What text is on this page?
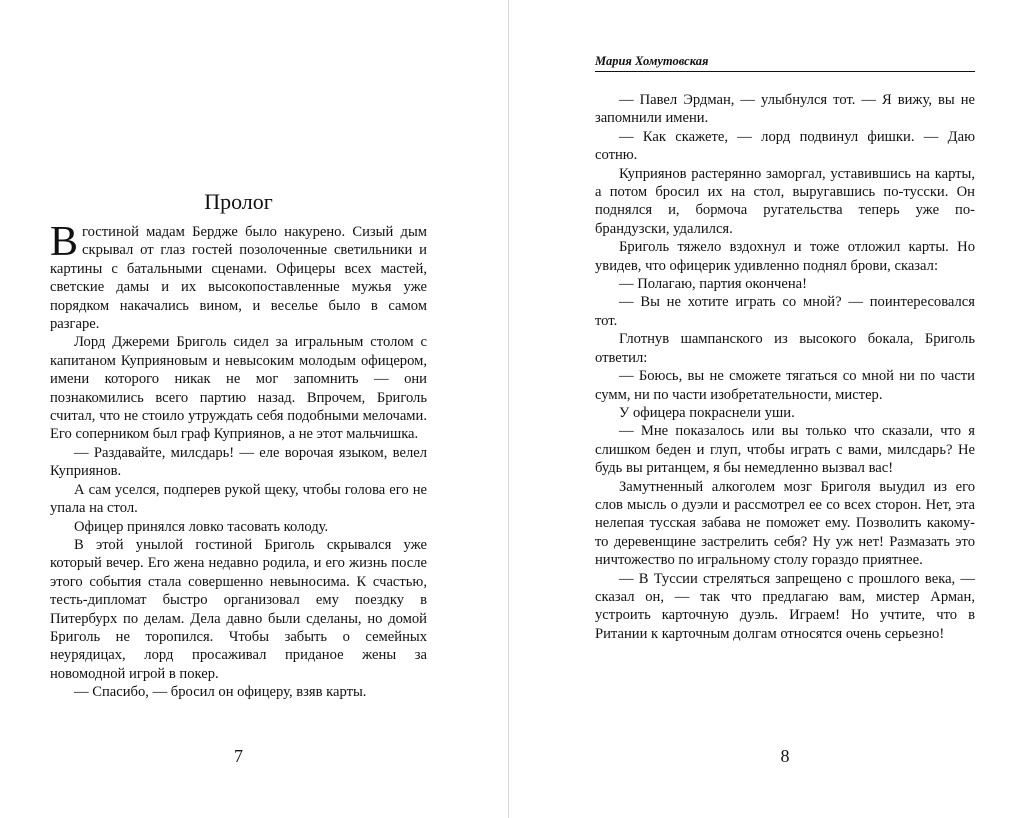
Пролог

В гостиной мадам Бердже было накурено. Сизый дым скрывал от глаз гостей позолоченные светильники и картины с батальными сценами. Офицеры всех мастей, светские дамы и их высокопоставленные мужья уже порядком накачались вином, и веселье было в самом разгаре.

Лорд Джереми Бриголь сидел за игральным столом с капитаном Куприяновым и невысоким молодым офицером, имени которого никак не мог запомнить — они познакомились всего партию назад. Впрочем, Бриголь считал, что не стоило утруждать себя подобными мелочами. Его соперником был граф Куприянов, а не этот мальчишка.

— Раздавайте, милсдарь! — еле ворочая языком, велел Куприянов.

А сам уселся, подперев рукой щеку, чтобы голова его не упала на стол.

Офицер принялся ловко тасовать колоду.

В этой унылой гостиной Бриголь скрывался уже который вечер. Его жена недавно родила, и его жизнь после этого события стала совершенно невыносима. К счастью, тесть-дипломат быстро организовал ему поездку в Питербурх по делам. Дела давно были сделаны, но домой Бриголь не торопился. Чтобы забыть о семейных неурядицах, лорд просаживал приданое жены за новомодной игрой в покер.

— Спасибо, — бросил он офицеру, взяв карты.

7
Мария Хомутовская

— Павел Эрдман, — улыбнулся тот. — Я вижу, вы не запомнили имени.

— Как скажете, — лорд подвинул фишки. — Даю сотню.

Куприянов растерянно заморгал, уставившись на карты, а потом бросил их на стол, выругавшись по-тусски. Он поднялся и, бормоча ругательства теперь уже по-брандузски, удалился.

Бриголь тяжело вздохнул и тоже отложил карты. Но увидев, что офицерик удивленно поднял брови, сказал:

— Полагаю, партия окончена!

— Вы не хотите играть со мной? — поинтересовался тот.

Глотнув шампанского из высокого бокала, Бриголь ответил:

— Боюсь, вы не сможете тягаться со мной ни по части сумм, ни по части изобретательности, мистер.

У офицера покраснели уши.

— Мне показалось или вы только что сказали, что я слишком беден и глуп, чтобы играть с вами, милсдарь? Не будь вы ританцем, я бы немедленно вызвал вас!

Замутненный алкоголем мозг Бриголя выудил из его слов мысль о дуэли и рассмотрел ее со всех сторон. Нет, эта нелепая тусская забава не поможет ему. Позволить какому-то деревенщине застрелить себя? Ну уж нет! Размазать это ничтожество по игральному столу гораздо приятнее.

— В Туссии стреляться запрещено с прошлого века, — сказал он, — так что предлагаю вам, мистер Арман, устроить карточную дуэль. Играем! Но учтите, что в Ритании к карточным долгам относятся очень серьезно!

8
